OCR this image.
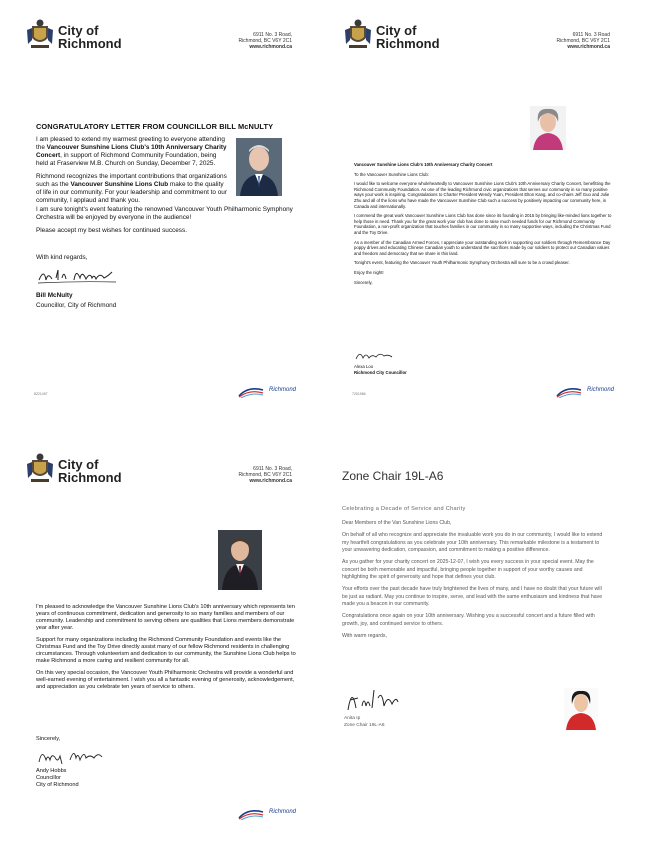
City of
Richmond
6911 No. 3 Road,
Richmond, BC V6Y 2C1
www.richmond.ca
CONGRATULATORY LETTER FROM COUNCILLOR BILL McNULTY

I am pleased to extend my warmest greeting to everyone attending the Vancouver Sunshine Lions Club's 10th Anniversary Charity Concert, in support of Richmond Community Foundation, being held at Fraserview M.B. Church on Sunday, December 7, 2025.

Richmond recognizes the important contributions that organizations such as the Vancouver Sunshine Lions Club make to the quality of life in our community. For your leadership and commitment to our community, I applaud and thank you.

I am sure tonight's event featuring the renowned Vancouver Youth Philharmonic Symphony Orchestra will be enjoyed by everyone in the audience!

Please accept my best wishes for continued success.

With kind regards,
Bill McNulty
Councillor, City of Richmond
8221497
Richmond
City of
Richmond
6911 No. 3 Road
Richmond, BC V6Y 2C1
www.richmond.ca

Vancouver Sunshine Lions Club's 10th Anniversary Charity Concert

To the Vancouver Sunshine Lions Club:

I would like to welcome everyone wholeheartedly to Vancouver Sunshine Lions Club's 10th Anniversary Charity Concert, benefitting the Richmond Community Foundation. As one of the leading Richmond civic organizations that serves our community in so many positive ways your work is inspiring. Congratulations to Charter President Wendy Yuan, President Elton Kang, and co-chairs Jeff Guo and Julie Zhu and all of the lions who have made the Vancouver Sunshine Club such a success by positively impacting our community here, in Canada and internationally.

I commend the great work Vancouver Sunshine Lions Club has done since its founding in 2015 by bringing like-minded lions together to help those in need. Thank you for the great work your club has done to raise much needed funds for our Richmond Community Foundation, a non-profit organization that touches families in our community in so many supportive ways, including the Christmas Fund and the Toy Drive.

As a member of the Canadian Armed Forces, I appreciate your outstanding work in supporting our soldiers through Remembrance Day poppy drives and educating Chinese Canadian youth to understand the sacrifices made by our soldiers to protect our Canadian values and freedom and democracy that we share in this land.

Tonight's event, featuring the Vancouver Youth Philharmonic Symphony Orchestra will sure to be a crowd pleaser.

Enjoy the night!

Sincerely,

Alexa Loo
Richmond City Councillor
7201966
Richmond
City of
Richmond
6911 No. 3 Road,
Richmond, BC V6Y 2C1
www.richmond.ca

I'm pleased to acknowledge the Vancouver Sunshine Lions Club's 10th anniversary which represents ten years of continuous commitment, dedication and generosity to so many families and members of our community. Leadership and commitment to serving others are qualities that Lions members demonstrate year after year.

Support for many organizations including the Richmond Community Foundation and events like the Christmas Fund and the Toy Drive directly assist many of our fellow Richmond residents in challenging circumstances. Through volunteerism and dedication to our community, the Sunshine Lions Club helps to make Richmond a more caring and resilient community for all.

On this very special occasion, the Vancouver Youth Philharmonic Orchestra will provide a wonderful and well-earned evening of entertainment. I wish you all a fantastic evening of generosity, acknowledgement, and appreciation as you celebrate ten years of service to others.

Sincerely,
Andy Hobbs
Councillor
City of Richmond
Richmond
Zone Chair 19L-A6
Celebrating a Decade of Service and Charity

Dear Members of the Van Sunshine Lions Club,

On behalf of all who recognize and appreciate the invaluable work you do in our community, I would like to extend my heartfelt congratulations as you celebrate your 10th anniversary. This remarkable milestone is a testament to your unwavering dedication, compassion, and commitment to making a positive difference.

As you gather for your charity concert on 2025-12-07, I wish you every success in your special event. May the concert be both memorable and impactful, bringing people together in support of your worthy causes and highlighting the spirit of generosity and hope that defines your club.

Your efforts over the past decade have truly brightened the lives of many, and I have no doubt that your future will be just as radiant. May you continue to inspire, serve, and lead with the same enthusiasm and kindness that have made you a beacon in our community.

Congratulations once again on your 10th anniversary. Wishing you a successful concert and a future filled with growth, joy, and continued service to others.

With warm regards,

Anita Ip
Zone Chair 19L-A6
